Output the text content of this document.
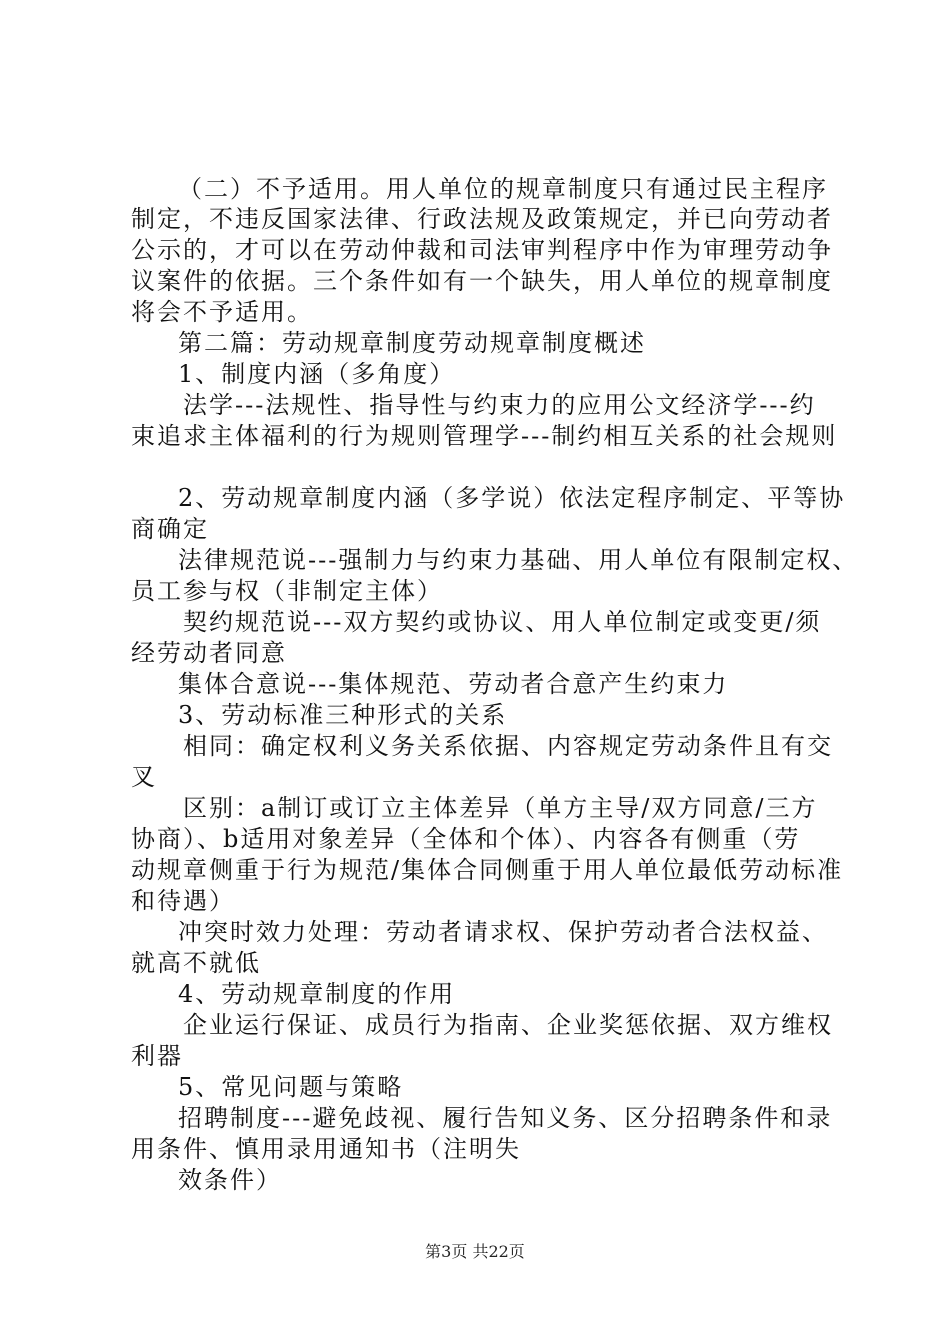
（二）不予适用。用人单位的规章制度只有通过民主程序
制定，不违反国家法律、行政法规及政策规定，并已向劳动者
公示的，才可以在劳动仲裁和司法审判程序中作为审理劳动争
议案件的依据。三个条件如有一个缺失，用人单位的规章制度
将会不予适用。
第二篇：劳动规章制度劳动规章制度概述
1、制度内涵（多角度）
法学---法规性、指导性与约束力的应用公文经济学---约
束追求主体福利的行为规则管理学---制约相互关系的社会规则
2、劳动规章制度内涵（多学说）依法定程序制定、平等协
商确定
法律规范说---强制力与约束力基础、用人单位有限制定权、
员工参与权（非制定主体）
契约规范说---双方契约或协议、用人单位制定或变更/须
经劳动者同意
集体合意说---集体规范、劳动者合意产生约束力
3、劳动标准三种形式的关系
相同：确定权利义务关系依据、内容规定劳动条件且有交
叉
区别：a制订或订立主体差异（单方主导/双方同意/三方
协商）、b适用对象差异（全体和个体）、内容各有侧重（劳
动规章侧重于行为规范/集体合同侧重于用人单位最低劳动标准
和待遇）
冲突时效力处理：劳动者请求权、保护劳动者合法权益、
就高不就低
4、劳动规章制度的作用
企业运行保证、成员行为指南、企业奖惩依据、双方维权
利器
5、常见问题与策略
招聘制度---避免歧视、履行告知义务、区分招聘条件和录
用条件、慎用录用通知书（注明失
效条件）
第3页 共22页
